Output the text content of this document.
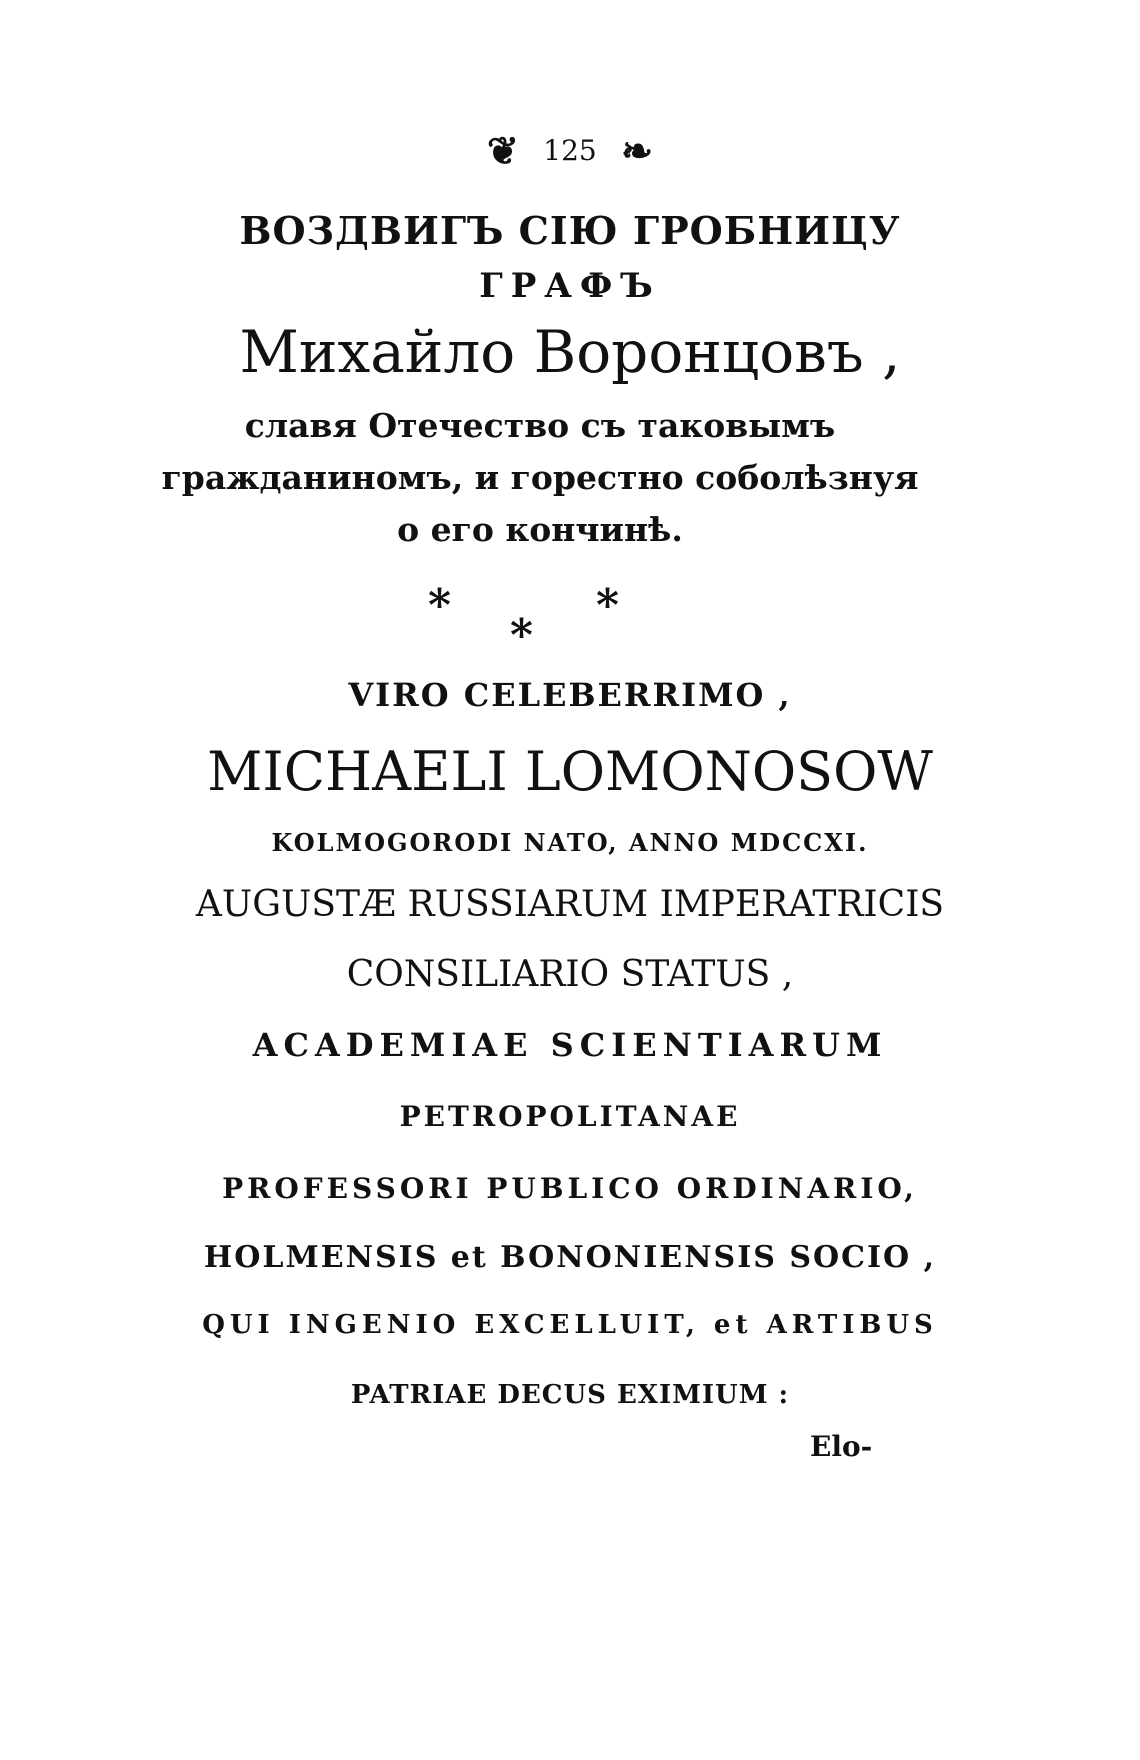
❦ 125 ❧
ВОЗДВИГЪ СІЮ ГРОБНИЦУ
ГРАФЪ
Михайло Воронцовъ ,
славя Отечество съ таковымъ гражданиномъ, и горестно соболѣзнуя о его кончинѣ.
*
*
*
VIRO CELEBERRIMO ,
MICHAELI LOMONOSOW
KOLMOGORODI NATO, ANNO MDCCXI.
AUGUSTÆ RUSSIARUM IMPERATRICIS
CONSILIARIO STATUS ,
ACADEMIAE SCIENTIARUM
PETROPOLITANAE
PROFESSORI PUBLICO ORDINARIO,
HOLMENSIS et BONONIENSIS SOCIO ,
QUI INGENIO EXCELLUIT, et ARTIBUS
PATRIAE DECUS EXIMIUM :
Elo-
